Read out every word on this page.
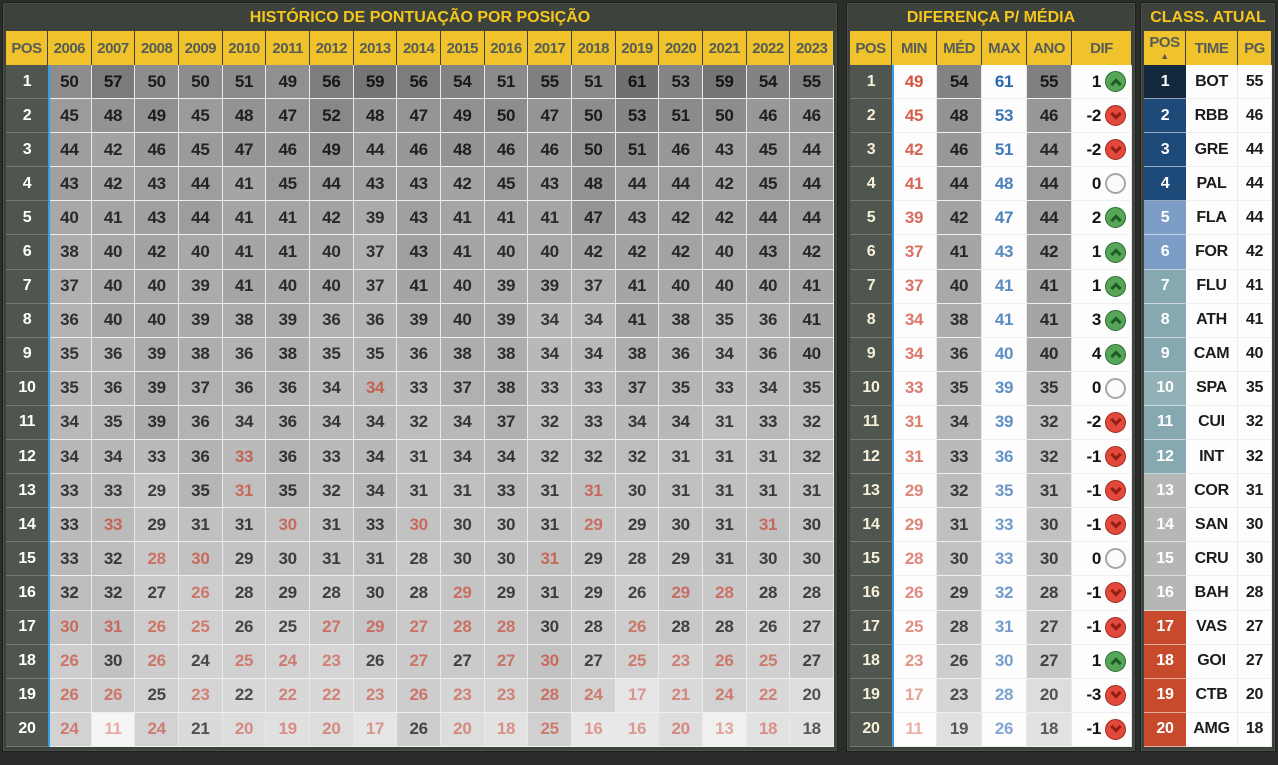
HISTÓRICO DE PONTUAÇÃO POR POSIÇÃO
POS 2006 2007 2008 2009 2010 2011 2012 2013 2014 2015 2016 2017 2018 2019 2020 2021 2022 2023
1	50	57	50	50	51	49	56	59	56	54	51	55	51	61	53	59	54	55
2	45	48	49	45	48	47	52	48	47	49	50	47	50	53	51	50	46	46
3	44	42	46	45	47	46	49	44	46	48	46	46	50	51	46	43	45	44
4	43	42	43	44	41	45	44	43	43	42	45	43	48	44	44	42	45	44
5	40	41	43	44	41	41	42	39	43	41	41	41	47	43	42	42	44	44
6	38	40	42	40	41	41	40	37	43	41	40	40	42	42	42	40	43	42
7	37	40	40	39	41	40	40	37	41	40	39	39	37	41	40	40	40	41
8	36	40	40	39	38	39	36	36	39	40	39	34	34	41	38	35	36	41
9	35	36	39	38	36	38	35	35	36	38	38	34	34	38	36	34	36	40
10	35	36	39	37	36	36	34	34	33	37	38	33	33	37	35	33	34	35
11	34	35	39	36	34	36	34	34	32	34	37	32	33	34	34	31	33	32
12	34	34	33	36	33	36	33	34	31	34	34	32	32	32	31	31	31	32
13	33	33	29	35	31	35	32	34	31	31	33	31	31	30	31	31	31	31
14	33	33	29	31	31	30	31	33	30	30	30	31	29	29	30	31	31	30
15	33	32	28	30	29	30	31	31	28	30	30	31	29	28	29	31	30	30
16	32	32	27	26	28	29	28	30	28	29	29	31	29	26	29	28	28	28
17	30	31	26	25	26	25	27	29	27	28	28	30	28	26	28	28	26	27
18	26	30	26	24	25	24	23	26	27	27	27	30	27	25	23	26	25	27
19	26	26	25	23	22	22	22	23	26	23	23	28	24	17	21	24	22	20
20	24	11	24	21	20	19	20	17	26	20	18	25	16	16	20	13	18	18
DIFERENÇA P/ MÉDIA
POS	MIN	MÉD MAX ANO	DIF
1	49	54	61	55	1
2	45	48	53	46	-2
3	42	46	51	44	-2
4	41	44	48	44	0
5	39	42	47	44	2
6	37	41	43	42	1
7	37	40	41	41	1
8	34	38	41	41	3
9	34	36	40	40	4
10	33	35	39	35	0
11	31	34	39	32	-2
12	31	33	36	32	-1
13	29	32	35	31	-1
14	29	31	33	30	-1
15	28	30	33	30	0
16	26	29	32	28	-1
17	25	28	31	27	-1
18	23	26	30	27	1
19	17	23	28	20	-3
20	11	19	26	18	-1
CLASS. ATUAL
POS
▲ TIME PG
1	BOT	55
2	RBB	46
3	GRE	44
4	PAL	44
5	FLA	44
6	FOR	42
7	FLU	41
8	ATH	41
9	CAM	40
10	SPA	35
11	CUI	32
12	INT	32
13	COR	31
14	SAN	30
15	CRU	30
16	BAH	28
17	VAS	27
18	GOI	27
19	CTB	20
20	AMG	18
